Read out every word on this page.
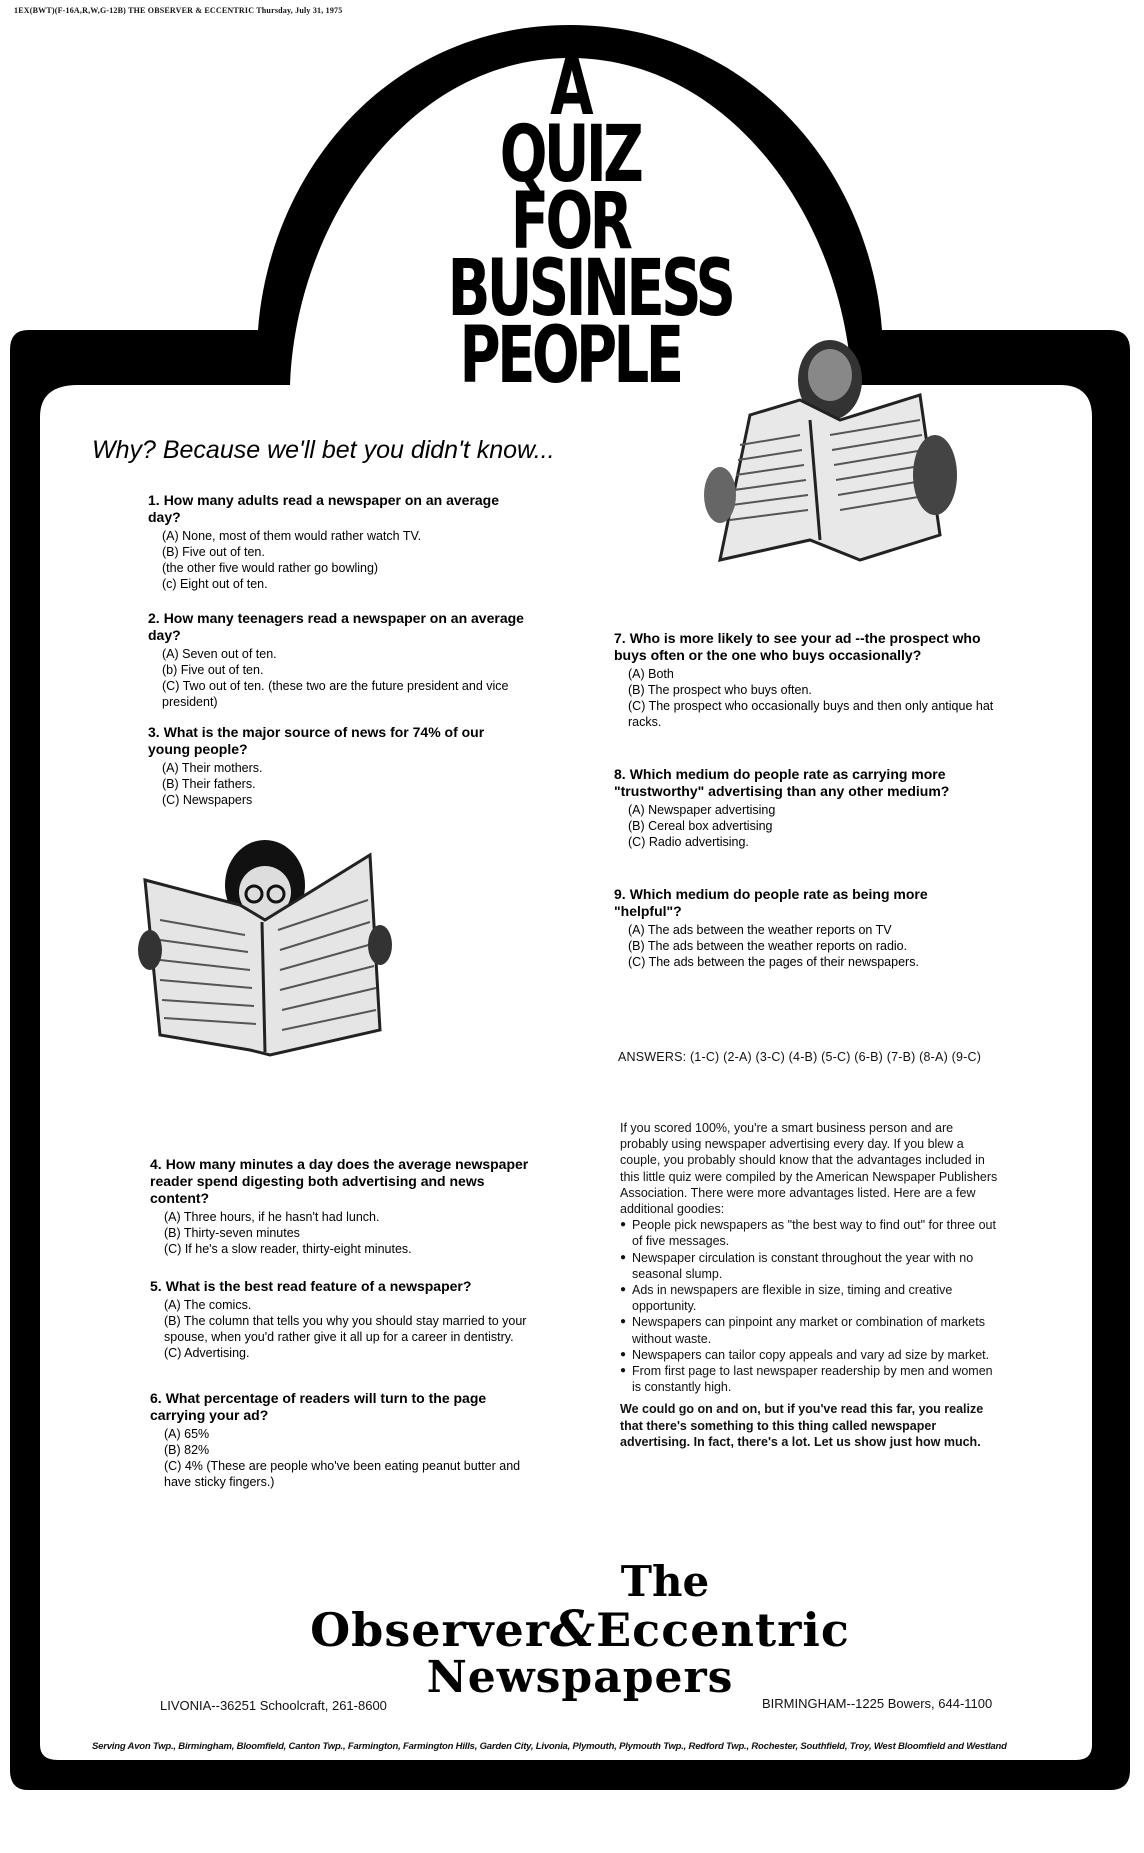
1EX(BWT)(F-16A,R,W,G-12B) THE OBSERVER & ECCENTRIC Thursday, July 31, 1975
A
QUIZ
FOR
BUSINESS
PEOPLE
Why? Because we'll bet you didn't know...
1. How many adults read a newspaper on an average day?
(A) None, most of them would rather watch TV.
(B) Five out of ten.
(the other five would rather go bowling)
(c) Eight out of ten.
2. How many teenagers read a newspaper on an average day?
(A) Seven out of ten.
(b) Five out of ten.
(C) Two out of ten. (these two are the future president and vice president)
3. What is the major source of news for 74% of our young people?
(A) Their mothers.
(B) Their fathers.
(C) Newspapers
4. How many minutes a day does the average newspaper reader spend digesting both advertising and news content?
(A) Three hours, if he hasn't had lunch.
(B) Thirty-seven minutes
(C) If he's a slow reader, thirty-eight minutes.
5. What is the best read feature of a newspaper?
(A) The comics.
(B) The column that tells you why you should stay married to your spouse, when you'd rather give it all up for a career in dentistry.
(C) Advertising.
6. What percentage of readers will turn to the page carrying your ad?
(A) 65%
(B) 82%
(C) 4% (These are people who've been eating peanut butter and have sticky fingers.)
7. Who is more likely to see your ad --the prospect who buys often or the one who buys occasionally?
(A) Both
(B) The prospect who buys often.
(C) The prospect who occasionally buys and then only antique hat racks.
8. Which medium do people rate as carrying more "trustworthy" advertising than any other medium?
(A) Newspaper advertising
(B) Cereal box advertising
(C) Radio advertising.
9. Which medium do people rate as being more "helpful"?
(A) The ads between the weather reports on TV
(B) The ads between the weather reports on radio.
(C) The ads between the pages of their newspapers.
ANSWERS: (1-C) (2-A) (3-C) (4-B) (5-C) (6-B) (7-B) (8-A) (9-C)
If you scored 100%, you're a smart business person and are probably using newspaper advertising every day. If you blew a couple, you probably should know that the advantages included in this little quiz were compiled by the American Newspaper Publishers Association. There were more advantages listed. Here are a few additional goodies:
● People pick newspapers as "the best way to find out" for three out of five messages.
● Newspaper circulation is constant throughout the year with no seasonal slump.
● Ads in newspapers are flexible in size, timing and creative opportunity.
● Newspapers can pinpoint any market or combination of markets without waste.
● Newspapers can tailor copy appeals and vary ad size by market.
● From first page to last newspaper readership by men and women is constantly high.
We could go on and on, but if you've read this far, you realize that there's something to this thing called newspaper advertising. In fact, there's a lot. Let us show just how much.
The
Observer&Eccentric
Newspapers
LIVONIA--36251 Schoolcraft, 261-8600	BIRMINGHAM--1225 Bowers, 644-1100
Serving Avon Twp., Birmingham, Bloomfield, Canton Twp., Farmington, Farmington Hills, Garden City, Livonia, Plymouth, Plymouth Twp., Redford Twp., Rochester, Southfield, Troy, West Bloomfield and Westland
